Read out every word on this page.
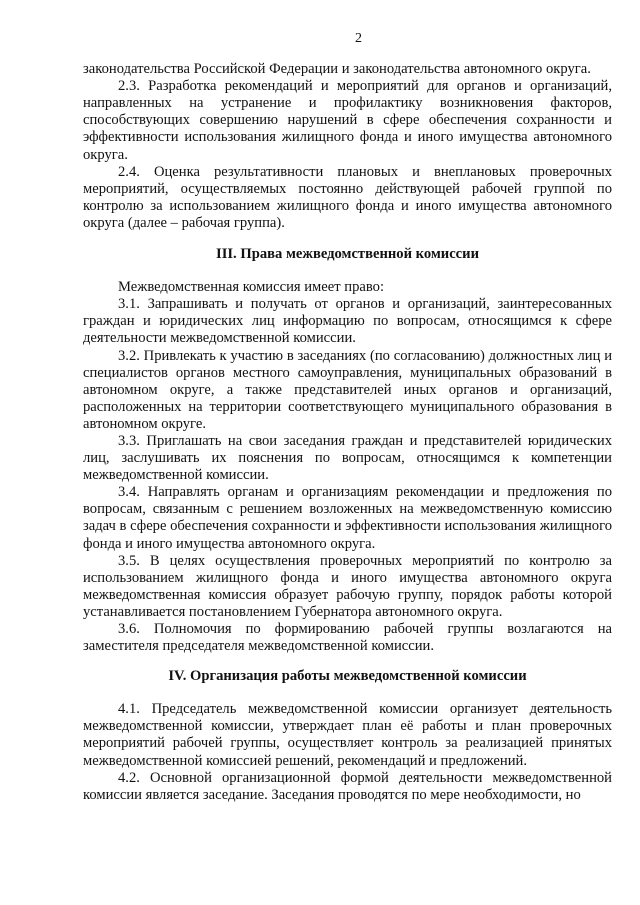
2

законодательства Российской Федерации и законодательства автономного округа.

2.3. Разработка рекомендаций и мероприятий для органов и организаций, направленных на устранение и профилактику возникновения факторов, способствующих совершению нарушений в сфере обеспечения сохранности и эффективности использования жилищного фонда и иного имущества автономного округа.

2.4. Оценка результативности плановых и внеплановых проверочных мероприятий, осуществляемых постоянно действующей рабочей группой по контролю за использованием жилищного фонда и иного имущества автономного округа (далее – рабочая группа).

III. Права межведомственной комиссии

Межведомственная комиссия имеет право:

3.1. Запрашивать и получать от органов и организаций, заинтересованных граждан и юридических лиц информацию по вопросам, относящимся к сфере деятельности межведомственной комиссии.

3.2. Привлекать к участию в заседаниях (по согласованию) должностных лиц и специалистов органов местного самоуправления, муниципальных образований в автономном округе, а также представителей иных органов и организаций, расположенных на территории соответствующего муниципального образования в автономном округе.

3.3. Приглашать на свои заседания граждан и представителей юридических лиц, заслушивать их пояснения по вопросам, относящимся к компетенции межведомственной комиссии.

3.4. Направлять органам и организациям рекомендации и предложения по вопросам, связанным с решением возложенных на межведомственную комиссию задач в сфере обеспечения сохранности и эффективности использования жилищного фонда и иного имущества автономного округа.

3.5. В целях осуществления проверочных мероприятий по контролю за использованием жилищного фонда и иного имущества автономного округа межведомственная комиссия образует рабочую группу, порядок работы которой устанавливается постановлением Губернатора автономного округа.

3.6. Полномочия по формированию рабочей группы возлагаются на заместителя председателя межведомственной комиссии.

IV. Организация работы межведомственной комиссии

4.1. Председатель межведомственной комиссии организует деятельность межведомственной комиссии, утверждает план её работы и план проверочных мероприятий рабочей группы, осуществляет контроль за реализацией принятых межведомственной комиссией решений, рекомендаций и предложений.

4.2. Основной организационной формой деятельности межведомственной комиссии является заседание. Заседания проводятся по мере необходимости, но
